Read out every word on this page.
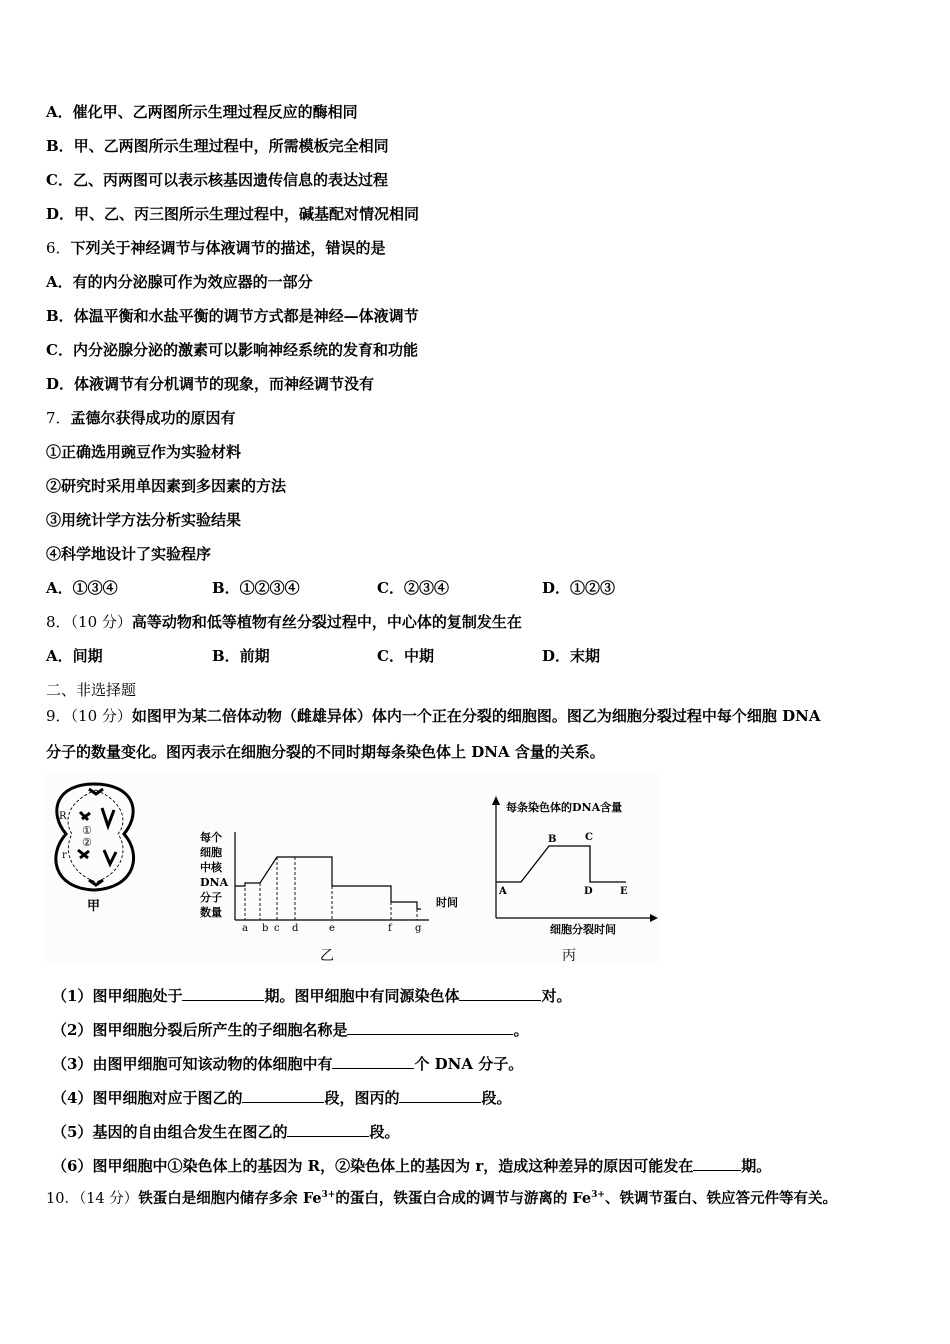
A．催化甲、乙两图所示生理过程反应的酶相同
B．甲、乙两图所示生理过程中，所需模板完全相同
C．乙、丙两图可以表示核基因遗传信息的表达过程
D．甲、乙、丙三图所示生理过程中，碱基配对情况相同
6．下列关于神经调节与体液调节的描述，错误的是
A．有的内分泌腺可作为效应器的一部分
B．体温平衡和水盐平衡的调节方式都是神经—体液调节
C．内分泌腺分泌的激素可以影响神经系统的发育和功能
D．体液调节有分机调节的现象，而神经调节没有
7．孟德尔获得成功的原因有
①正确选用豌豆作为实验材料
②研究时采用单因素到多因素的方法
③用统计学方法分析实验结果
④科学地设计了实验程序
A．①③④	B．①②③④	C．②③④	D．①②③
8．（10 分）高等动物和低等植物有丝分裂过程中，中心体的复制发生在
A．间期	B．前期	C．中期	D．末期
二、非选择题
9．（10 分）如图甲为某二倍体动物（雌雄异体）体内一个正在分裂的细胞图。图乙为细胞分裂过程中每个细胞 DNA
分子的数量变化。图丙表示在细胞分裂的不同时期每条染色体上 DNA 含量的关系。
R
①
②
r
甲
每个
细胞
中核
DNA
分子
数量
a b c d	e	f g
时间
乙
每条染色体的DNA含量
A
B	C
D	E
细胞分裂时间
丙
（1）图甲细胞处于	期。图甲细胞中有同源染色体	对。
（2）图甲细胞分裂后所产生的子细胞名称是	。
（3）由图甲细胞可知该动物的体细胞中有	个 DNA 分子。
（4）图甲细胞对应于图乙的	段，图丙的	段。
（5）基因的自由组合发生在图乙的	段。
（6）图甲细胞中①染色体上的基因为 R，②染色体上的基因为 r，造成这种差异的原因可能发在	期。
10．（14 分）铁蛋白是细胞内储存多余 $Fe^{3+}$的蛋白，铁蛋白合成的调节与游离的 $Fe^{3+}$、铁调节蛋白、铁应答元件等有关。
